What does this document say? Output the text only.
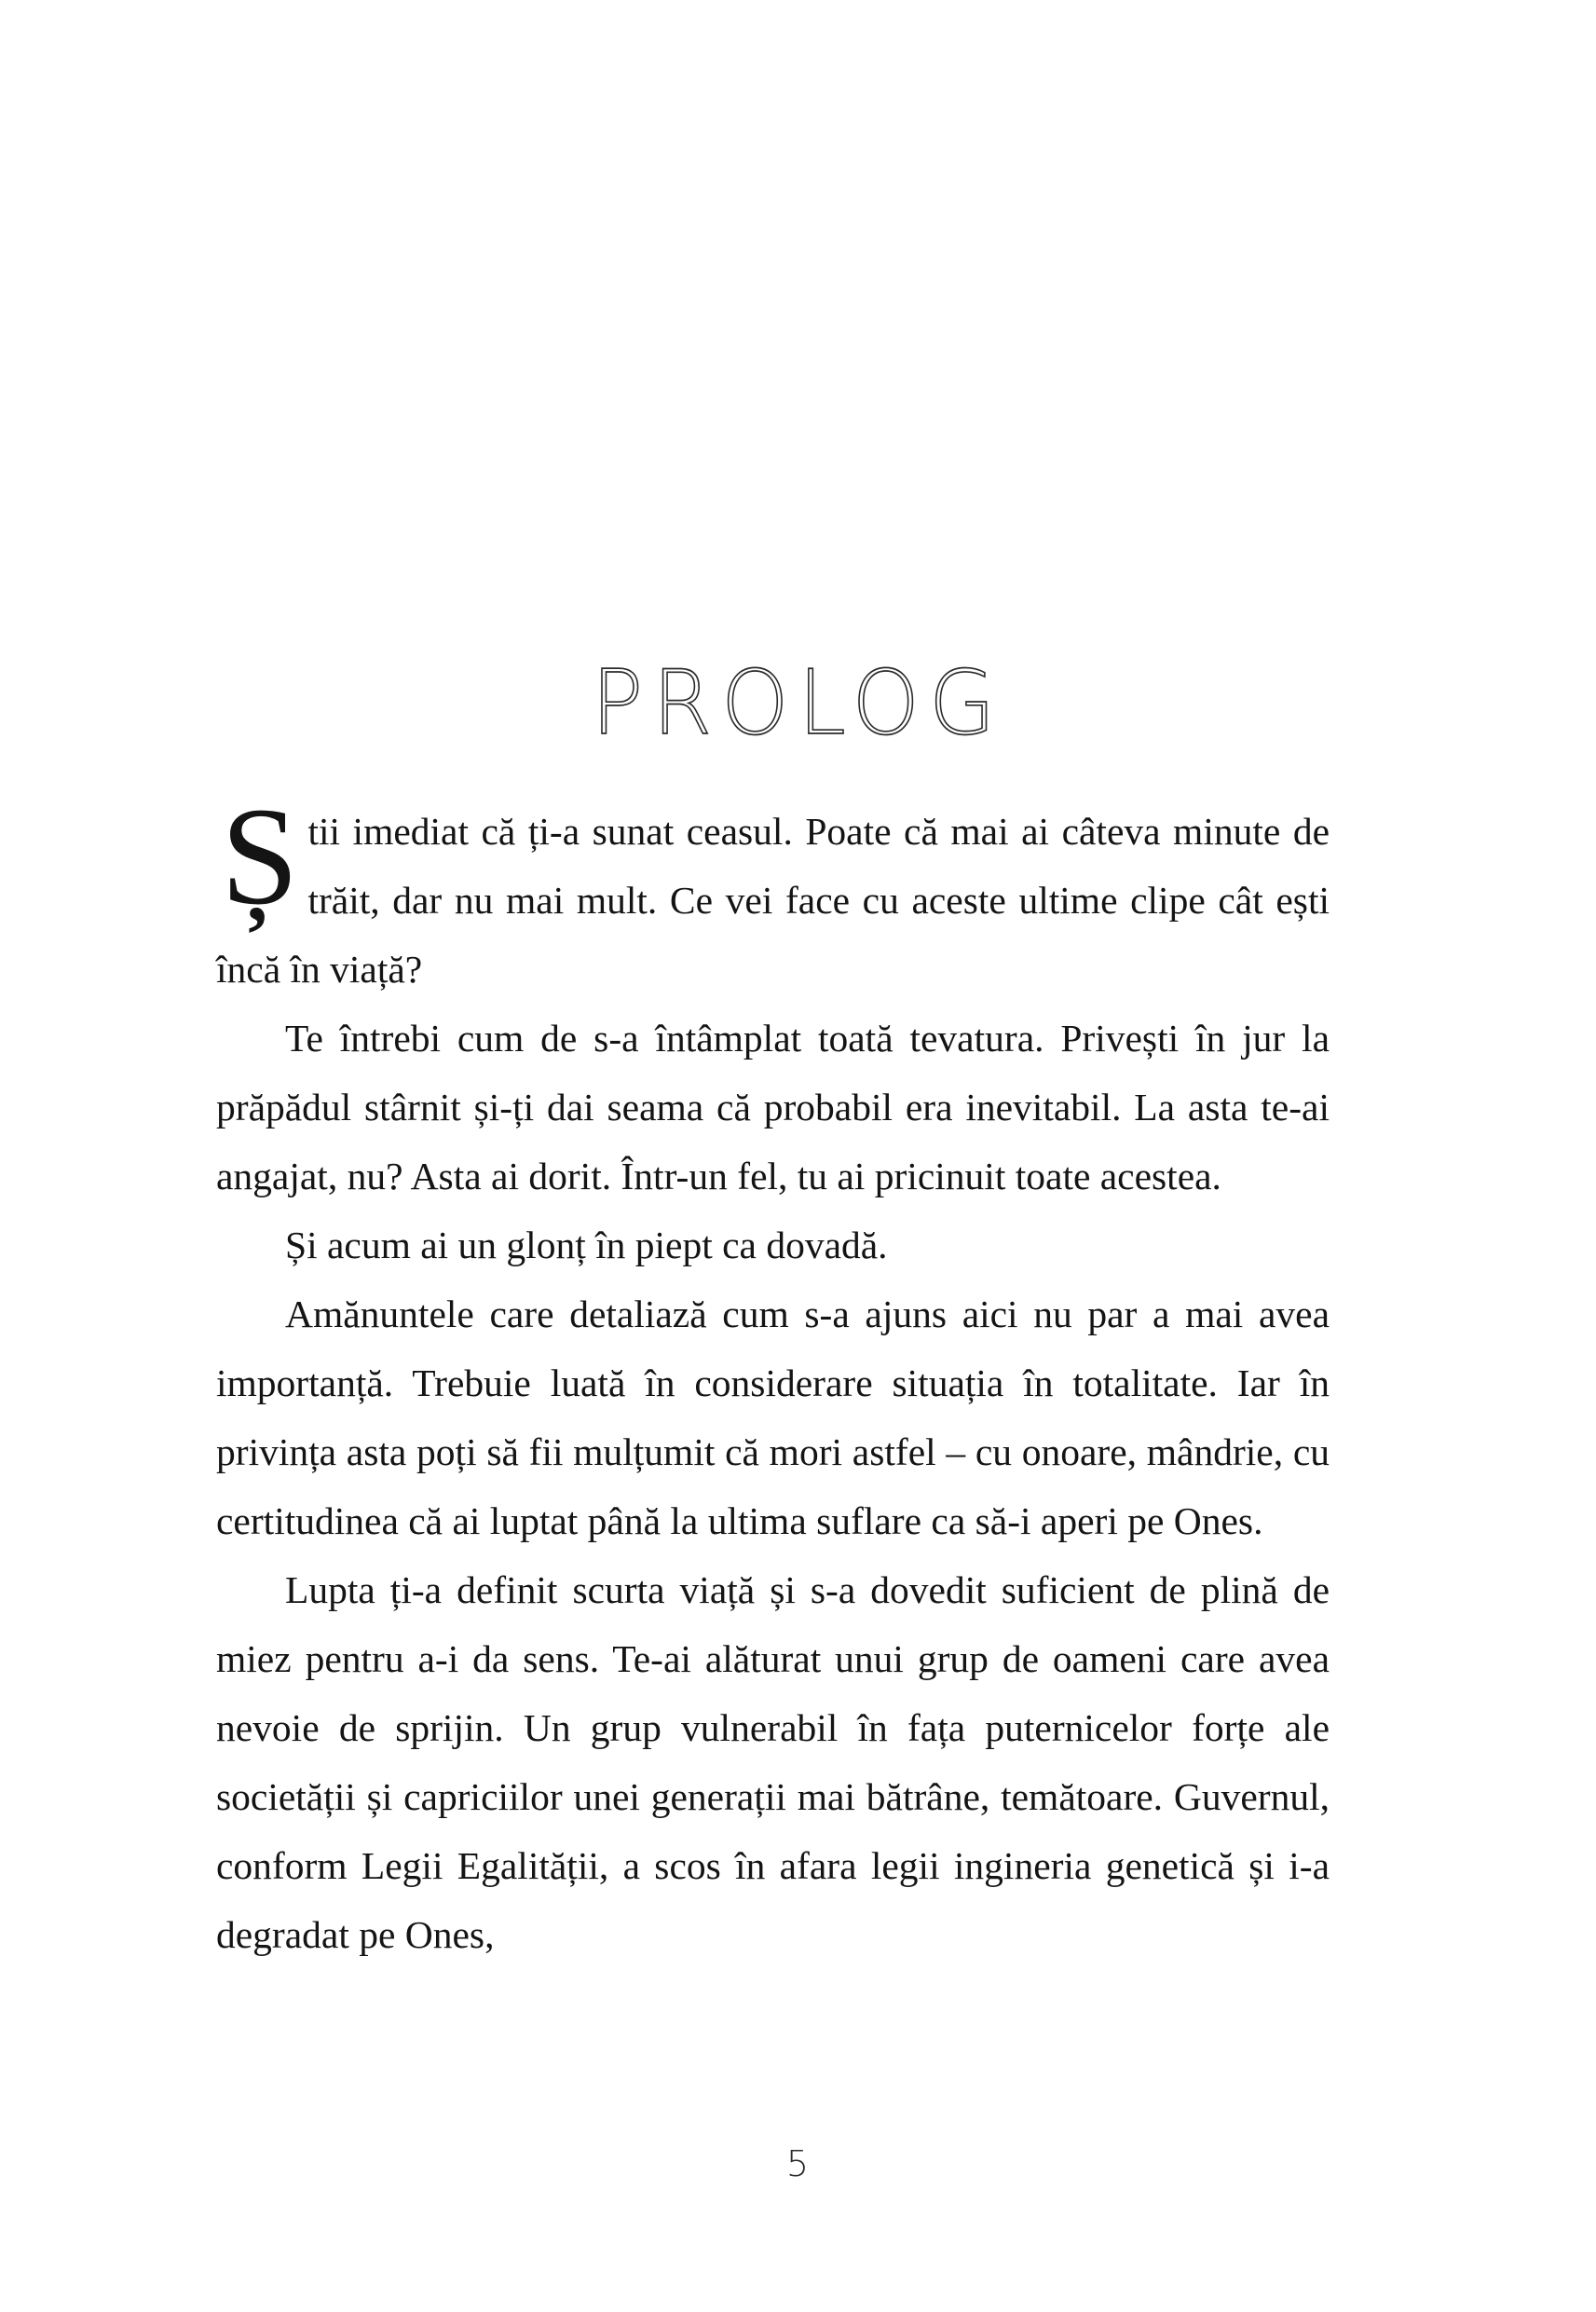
PROLOG

Știi imediat că ți-a sunat ceasul. Poate că mai ai câteva minute de trăit, dar nu mai mult. Ce vei face cu aceste ultime clipe cât ești încă în viață?

Te întrebi cum de s-a întâmplat toată tevatura. Privești în jur la prăpădul stârnit și-ți dai seama că probabil era inevitabil. La asta te-ai angajat, nu? Asta ai dorit. Într-un fel, tu ai pricinuit toate acestea.

Și acum ai un glonț în piept ca dovadă.

Amănuntele care detaliază cum s-a ajuns aici nu par a mai avea importanță. Trebuie luată în considerare situația în totalitate. Iar în privința asta poți să fii mulțumit că mori astfel – cu onoare, mândrie, cu certitudinea că ai luptat până la ultima suflare ca să-i aperi pe Ones.

Lupta ți-a definit scurta viață și s-a dovedit suficient de plină de miez pentru a-i da sens. Te-ai alăturat unui grup de oameni care avea nevoie de sprijin. Un grup vulnerabil în fața puternicelor forțe ale societății și capriciilor unei generații mai bătrâne, temătoare. Guvernul, conform Legii Egalității, a scos în afara legii ingineria genetică și i-a degradat pe Ones,

5
